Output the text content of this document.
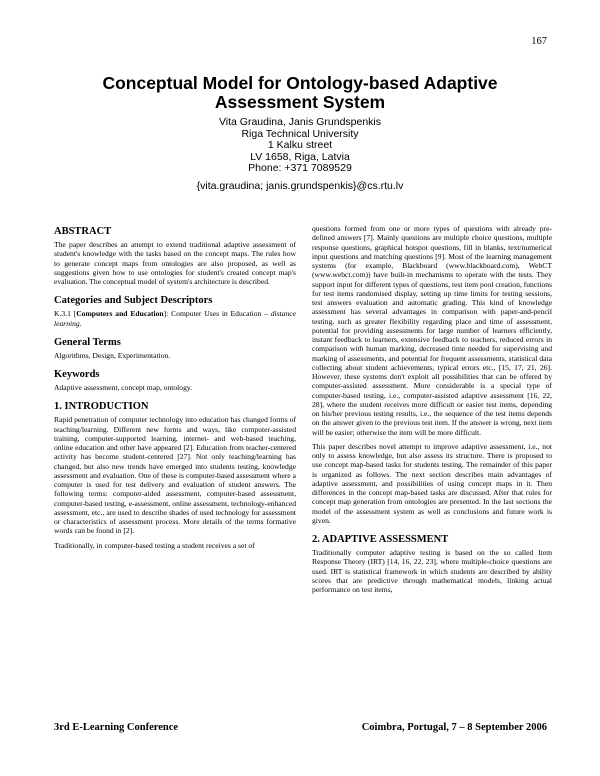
167
Conceptual Model for Ontology-based Adaptive
Assessment System
Vita Graudina, Janis Grundspenkis
Riga Technical University
1 Kalku street
LV 1658, Riga, Latvia
Phone: +371 7089529
{vita.graudina; janis.grundspenkis}@cs.rtu.lv
ABSTRACT

The paper describes an attempt to extend traditional adaptive assessment of student's knowledge with the tasks based on the concept maps. The rules how to generate concept maps from ontologies are also proposed, as well as suggestions given how to use ontologies for student's created concept map's evaluation. The conceptual model of system's architecture is described.

Categories and Subject Descriptors

K.3.1 [Computers and Education]: Computer Uses in Education – distance learning.

General Terms

Algorithms, Design, Experimentation.

Keywords

Adaptive assessment, concept map, ontology.

1. INTRODUCTION

Rapid penetration of computer technology into education has changed forms of teaching/learning. Different new forms and ways, like computer-assisted training, computer-supported learning, internet- and web-based teaching, online education and other have appeared [2]. Education from teacher-centered activity has become student-centered [27]. Not only teaching/learning has changed, but also new trends have emerged into students testing, knowledge assessment and evaluation. One of these is computer-based assessment where a computer is used for test delivery and evaluation of student answers. The following terms: computer-aided assessment, computer-based assessment, computer-based testing, e-assessment, online assessment, technology-enhanced assessment, etc., are used to describe shades of used technology for assessment or characteristics of assessment process. More details of the terms formative words can be found in [2].

Traditionally, in computer-based testing a student receives a set of

questions formed from one or more types of questions with already pre-defined answers [7]. Mainly questions are multiple choice questions, multiple response questions, graphical hotspot questions, fill in blanks, text/numerical input questions and matching questions [9]. Most of the learning management systems (for example, Blackboard (www.blackboard.com), WebCT (www.webct.com)) have built-in mechanisms to operate with the tests. They support input for different types of questions, test item pool creation, functions for test items randomised display, setting up time limits for testing sessions, test answers evaluation and automatic grading. This kind of knowledge assessment has several advantages in comparison with paper-and-pencil testing, such as greater flexibility regarding place and time of assessment, potential for providing assessments for large number of learners efficiently, instant feedback to learners, extensive feedback to teachers, reduced errors in comparison with human marking, decreased time needed for supervising and marking of assessments, and potential for frequent assessments, statistical data collecting about student achievements, typical errors etc., [15, 17, 21, 26]. However, these systems don't exploit all possibilities that can be offered by computer-assisted assessment. More considerable is a special type of computer-based testing, i.e., computer-assisted adaptive assessment [16, 22, 28], where the student receives more difficult or easier test items, depending on his/her previous testing results, i.e., the sequence of the test items depends on the answer given to the previous test item. If the answer is wrong, next item will be easier; otherwise the item will be more difficult.

This paper describes novel attempt to improve adaptive assessment, i.e., not only to assess knowledge, but also assess its structure. There is proposed to use concept map-based tasks for students testing. The remainder of this paper is organized as follows. The next section describes main advantages of adaptive assessment, and possibilities of using concept maps in it. Then differences in the concept map-based tasks are discussed. After that rules for concept map generation from ontologies are presented. In the last sections the model of the assessment system as well as conclusions and future work is given.

2. ADAPTIVE ASSESSMENT

Traditionally computer adaptive testing is based on the so called Item Response Theory (IRT) [14, 16, 22, 23], where multiple-choice questions are used. IRT is statistical framework in which students are described by ability scores that are predictive through mathematical models, linking actual performance on test items,

3rd E-Learning Conference	Coimbra, Portugal, 7 – 8 September 2006
